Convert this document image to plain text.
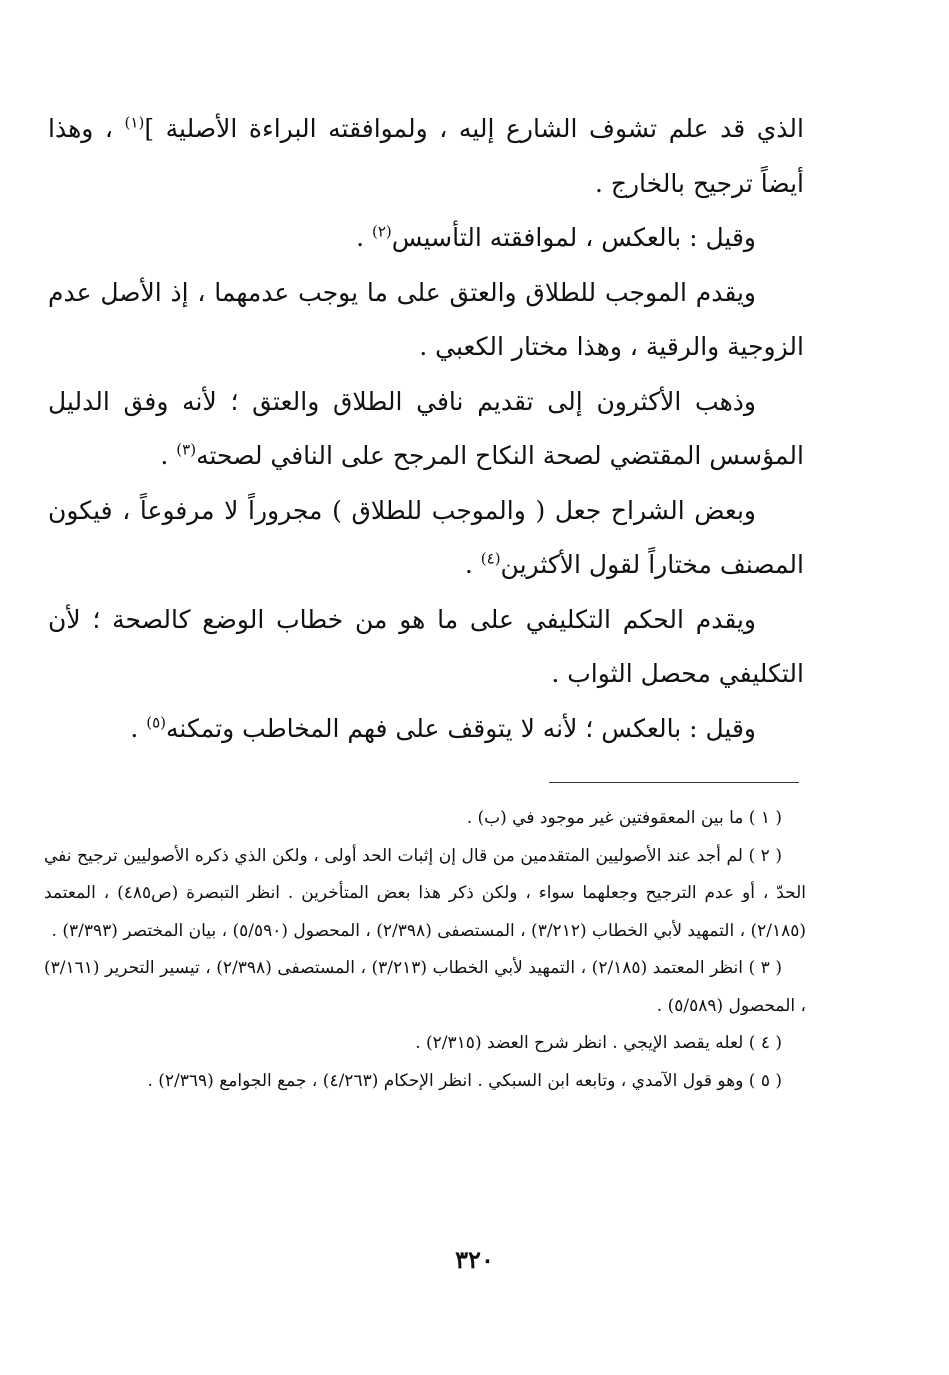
الذي قد علم تشوف الشارع إليه ، ولموافقته البراءة الأصلية ]$^{(١)}$ ، وهذا أيضاً ترجيح بالخارج .

وقيل : بالعكس ، لموافقته التأسيس$^{(٢)}$ .

ويقدم الموجب للطلاق والعتق على ما يوجب عدمهما ، إذ الأصل عدم الزوجية والرقية ، وهذا مختار الكعبي .

وذهب الأكثرون إلى تقديم نافي الطلاق والعتق ؛ لأنه وفق الدليل المؤسس المقتضي لصحة النكاح المرجح على النافي لصحته$^{(٣)}$ .

وبعض الشراح جعل ( والموجب للطلاق ) مجروراً لا مرفوعاً ، فيكون المصنف مختاراً لقول الأكثرين$^{(٤)}$ .

ويقدم الحكم التكليفي على ما هو من خطاب الوضع كالصحة ؛ لأن التكليفي محصل الثواب .

وقيل : بالعكس ؛ لأنه لا يتوقف على فهم المخاطب وتمكنه$^{(٥)}$ .

( ١ ) ما بين المعقوفتين غير موجود في (ب) .

( ٢ ) لم أجد عند الأصوليين المتقدمين من قال إن إثبات الحد أولى ، ولكن الذي ذكره الأصوليين ترجيح نفي الحدّ ، أو عدم الترجيح وجعلهما سواء ، ولكن ذكر هذا بعض المتأخرين . انظر التبصرة (ص٤٨٥) ، المعتمد (٢/١٨٥) ، التمهيد لأبي الخطاب (٣/٢١٢) ، المستصفى (٢/٣٩٨) ، المحصول (٥/٥٩٠) ، بيان المختصر (٣/٣٩٣) .

( ٣ ) انظر المعتمد (٢/١٨٥) ، التمهيد لأبي الخطاب (٣/٢١٣) ، المستصفى (٢/٣٩٨) ، تيسير التحرير (٣/١٦١) ، المحصول (٥/٥٨٩) .

( ٤ ) لعله يقصد الإيجي . انظر شرح العضد (٢/٣١٥) .

( ٥ ) وهو قول الآمدي ، وتابعه ابن السبكي . انظر الإحكام (٤/٢٦٣) ، جمع الجوامع (٢/٣٦٩) .

٣٢٠
